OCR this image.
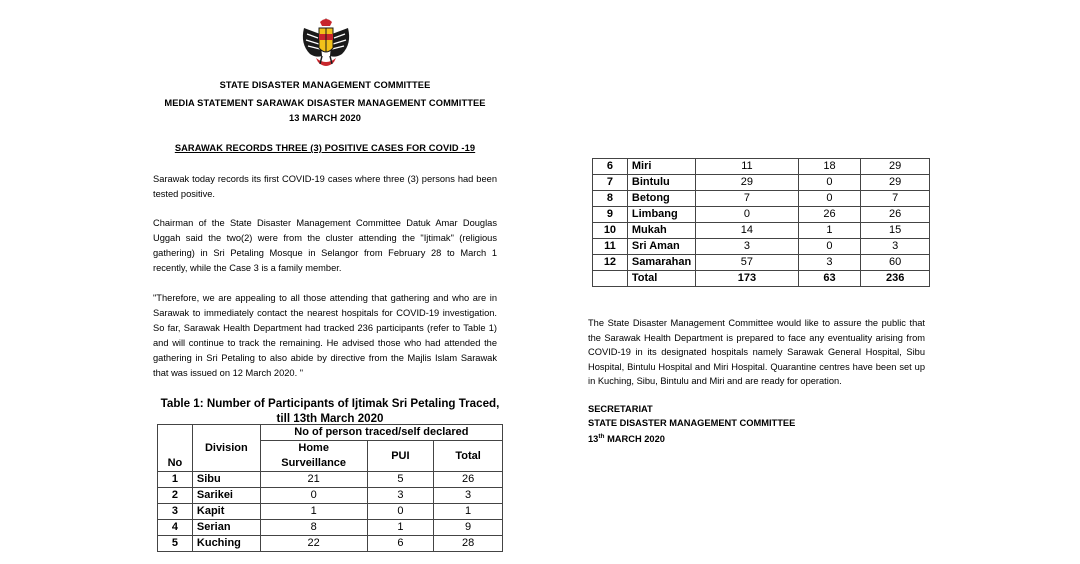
STATE DISASTER MANAGEMENT COMMITTEE
MEDIA STATEMENT SARAWAK DISASTER MANAGEMENT COMMITTEE
13 MARCH 2020
SARAWAK RECORDS THREE (3) POSITIVE CASES FOR COVID -19
Sarawak today records its first COVID-19 cases where three (3) persons had been tested positive.
Chairman of the State Disaster Management Committee Datuk Amar Douglas Uggah said the two(2) were from the cluster attending the "Ijtimak" (religious gathering) in Sri Petaling Mosque in Selangor from February 28 to March 1 recently, while the Case 3 is a family member.
"Therefore, we are appealing to all those attending that gathering and who are in Sarawak to immediately contact the nearest hospitals for COVID-19 investigation. So far, Sarawak Health Department had tracked 236 participants (refer to Table 1) and will continue to track the remaining. He advised those who had attended the gathering in Sri Petaling to also abide by directive from the Majlis Islam Sarawak that was issued on 12 March 2020. "
Table 1: Number of Participants of Ijtimak Sri Petaling Traced,
till 13th March 2020
No	Division	No of person traced/self declared		
		Home Surveillance	PUI	Total
1	Sibu	21	5	26
2	Sarikei	0	3	3
3	Kapit	1	0	1
4	Serian	8	1	9
5	Kuching	22	6	28
6	Miri	11	18	29
7	Bintulu	29	0	29
8	Betong	7	0	7
9	Limbang	0	26	26
10	Mukah	14	1	15
11	Sri Aman	3	0	3
12	Samarahan	57	3	60
	Total	173	63	236
The State Disaster Management Committee would like to assure the public that the Sarawak Health Department is prepared to face any eventuality arising from COVID-19 in its designated hospitals namely Sarawak General Hospital, Sibu Hospital, Bintulu Hospital and Miri Hospital. Quarantine centres have been set up in Kuching, Sibu, Bintulu and Miri and are ready for operation.
SECRETARIAT
STATE DISASTER MANAGEMENT COMMITTEE
13th MARCH 2020
